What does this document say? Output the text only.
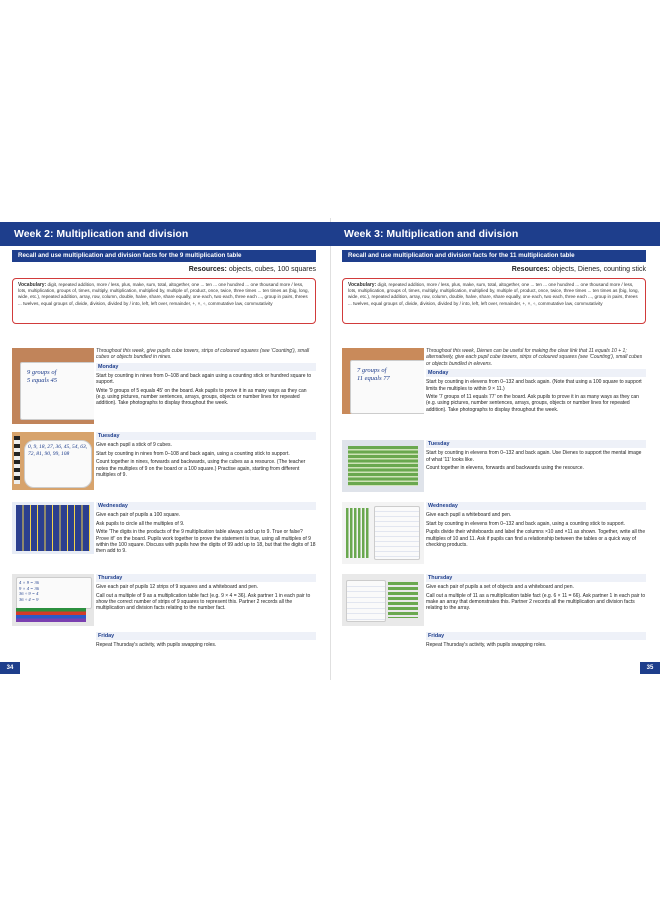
Week 2: Multiplication and division
Recall and use multiplication and division facts for the 9 multiplication table
Resources: objects, cubes, 100 squares
Vocabulary: digit, repeated addition, more / less, plus, make, sum, total, altogether, one ... ten ... one hundred ... one thousand more / less, lots, multiplication, groups of, times, multiply, multiplication, multiplied by, multiple of, product, once, twice, three times ... ten times as (big, long, wide, etc.), repeated addition, array, row, column, double, halve, share, share equally, one each, two each, three each ..., group in pairs, threes ... twelves, equal groups of, divide, division, divided by / into, left, left over, remainder, +, ×, ÷, commutative law, commutativity
9 groups of
5 equals 45

Throughout this week, give pupils cube towers, strips of coloured squares (see 'Counting'), small cubes or objects bundled in nines.

Monday

Start by counting in nines from 0–108 and back again using a counting stick or hundred square to support.

Write '9 groups of 5 equals 45' on the board. Ask pupils to prove it in as many ways as they can (e.g. using pictures, number sentences, arrays, groups, objects or number lines for repeated addition). Take photographs to display throughout the week.

0, 9, 18, 27, 36, 45, 54, 63, 72, 81, 90, 99, 108
Tuesday

Give each pupil a stick of 9 cubes.

Start by counting in nines from 0–108 and back again, using a counting stick to support.

Count together in nines, forwards and backwards, using the cubes as a resource. (The teacher notes the multiples of 9 on the board or a 100 square.) Practise again, starting from different multiples of 9.

Wednesday

Give each pair of pupils a 100 square.

Ask pupils to circle all the multiples of 9.

Write 'The digits in the products of the 9 multiplication table always add up to 9. True or false? Prove it!' on the board. Pupils work together to prove the statement is true, using all multiples of 9 within the 100 square. Discuss with pupils how the digits of 99 add up to 18, but that the digits of 18 then add to 9.

4 × 9 = 36
9 × 4 = 36
36 ÷ 9 = 4
36 ÷ 4 = 9
Thursday

Give each pair of pupils 12 strips of 9 squares and a whiteboard and pen.

Call out a multiple of 9 as a multiplication table fact (e.g. 9 × 4 = 36). Ask partner 1 in each pair to show the correct number of strips of 9 squares to represent this. Partner 2 records all the multiplication and division facts relating to the number fact.

Friday

Repeat Thursday's activity, with pupils swapping roles.

34
Week 3: Multiplication and division
Recall and use multiplication and division facts for the 11 multiplication table
Resources: objects, Dienes, counting stick
Vocabulary: digit, repeated addition, more / less, plus, make, sum, total, altogether, one ... ten ... one hundred ... one thousand more / less, lots, multiplication, groups of, times, multiply, multiplication, multiplied by, multiple of, product, once, twice, three times ... ten times as (big, long, wide, etc.), repeated addition, array, row, column, double, halve, share, share equally, one each, two each, three each ..., group in pairs, threes ... twelves, equal groups of, divide, division, divided by / into, left, left over, remainder, +, ×, ÷, commutative law, commutativity
7 groups of
11 equals 77

Throughout this week, Dienes can be useful for making the clear link that 11 equals 10 + 1; alternatively, give each pupil cube towers, strips of coloured squares (see 'Counting'), small cubes or objects bundled in elevens.

Monday

Start by counting in elevens from 0–132 and back again. (Note that using a 100 square to support limits the multiples to within 9 × 11.)

Write '7 groups of 11 equals 77' on the board. Ask pupils to prove it in as many ways as they can (e.g. using pictures, number sentences, arrays, groups, objects or number lines for repeated addition). Take photographs to display throughout the week.

Tuesday

Start by counting in elevens from 0–132 and back again. Use Dienes to support the mental image of what '11' looks like.

Count together in elevens, forwards and backwards using the resource.

Wednesday

Give each pupil a whiteboard and pen.

Start by counting in elevens from 0–132 and back again, using a counting stick to support.

Pupils divide their whiteboards and label the columns ×10 and ×11 as shown. Together, write all the multiples of 10 and 11. Ask if pupils can find a relationship between the tables or a quick way of checking products.

Thursday

Give each pair of pupils a set of objects and a whiteboard and pen.

Call out a multiple of 11 as a multiplication table fact (e.g. 6 × 11 = 66). Ask partner 1 in each pair to make an array that demonstrates this. Partner 2 records all the multiplication and division facts relating to the array.

Friday

Repeat Thursday's activity, with pupils swapping roles.

35
